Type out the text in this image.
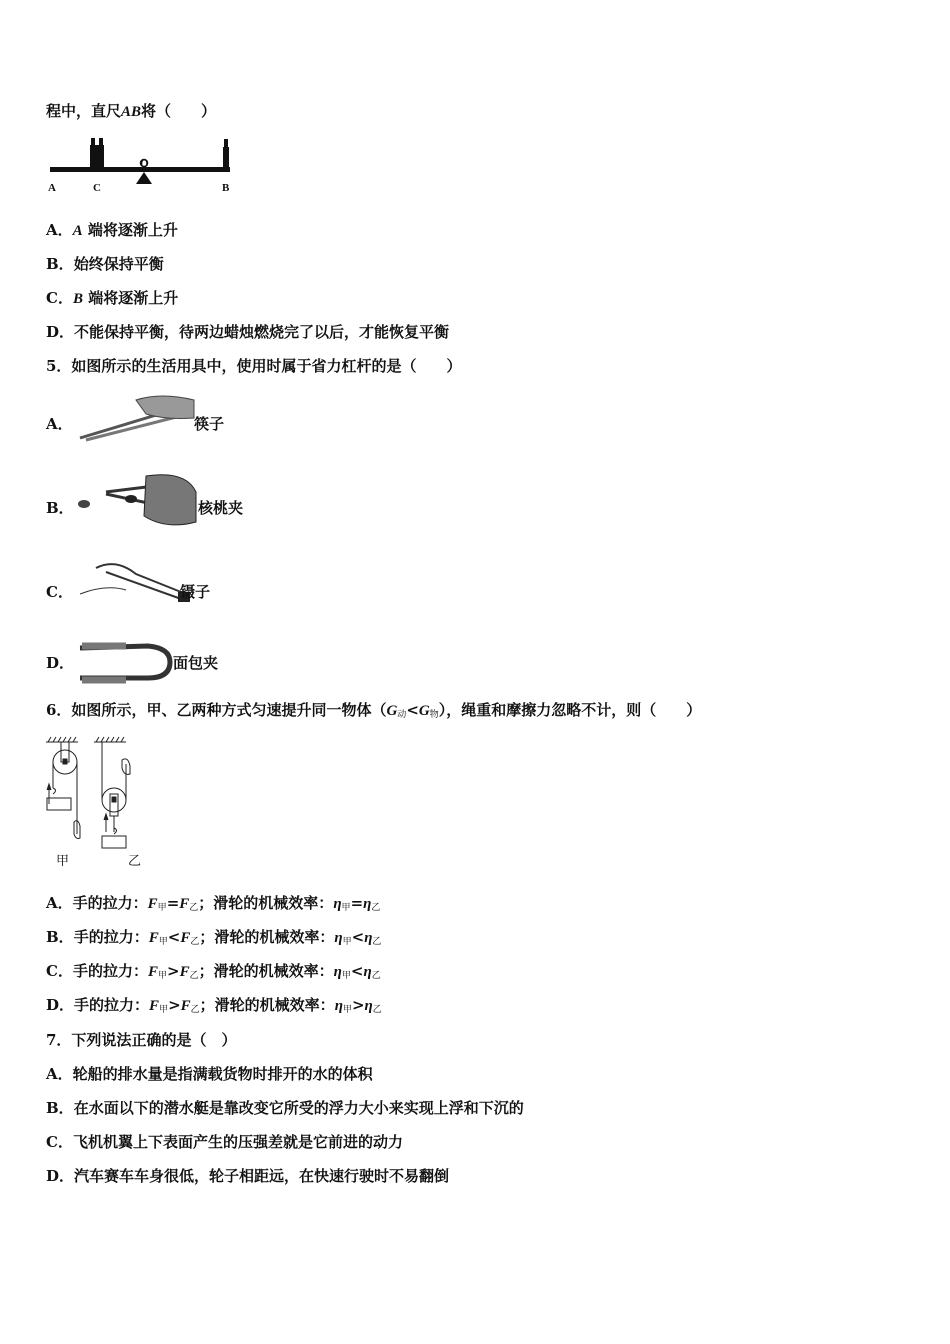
程中，直尺AB将（　　）
A	C	B
A．A 端将逐渐上升
B．始终保持平衡
C．B 端将逐渐上升
D．不能保持平衡，待两边蜡烛燃烧完了以后，才能恢复平衡
5．如图所示的生活用具中，使用时属于省力杠杆的是（　　）
A．	筷子
B．	核桃夹
C．	镊子
D．	面包夹
6．如图所示，甲、乙两种方式匀速提升同一物体$(G_动<G_物)$，绳重和摩擦力忽略不计，则（　　）
甲	乙
A．手的拉力：$F_甲=F_乙$；滑轮的机械效率：$\eta_甲=\eta_乙$
B．手的拉力：$F_甲<F_乙$；滑轮的机械效率：$\eta_甲<\eta_乙$
C．手的拉力：$F_甲>F_乙$；滑轮的机械效率：$\eta_甲<\eta_乙$
D．手的拉力：$F_甲>F_乙$；滑轮的机械效率：$\eta_甲>\eta_乙$
7．下列说法正确的是（　）
A．轮船的排水量是指满载货物时排开的水的体积
B．在水面以下的潜水艇是靠改变它所受的浮力大小来实现上浮和下沉的
C．飞机机翼上下表面产生的压强差就是它前进的动力
D．汽车赛车车身很低，轮子相距远，在快速行驶时不易翻倒
O
